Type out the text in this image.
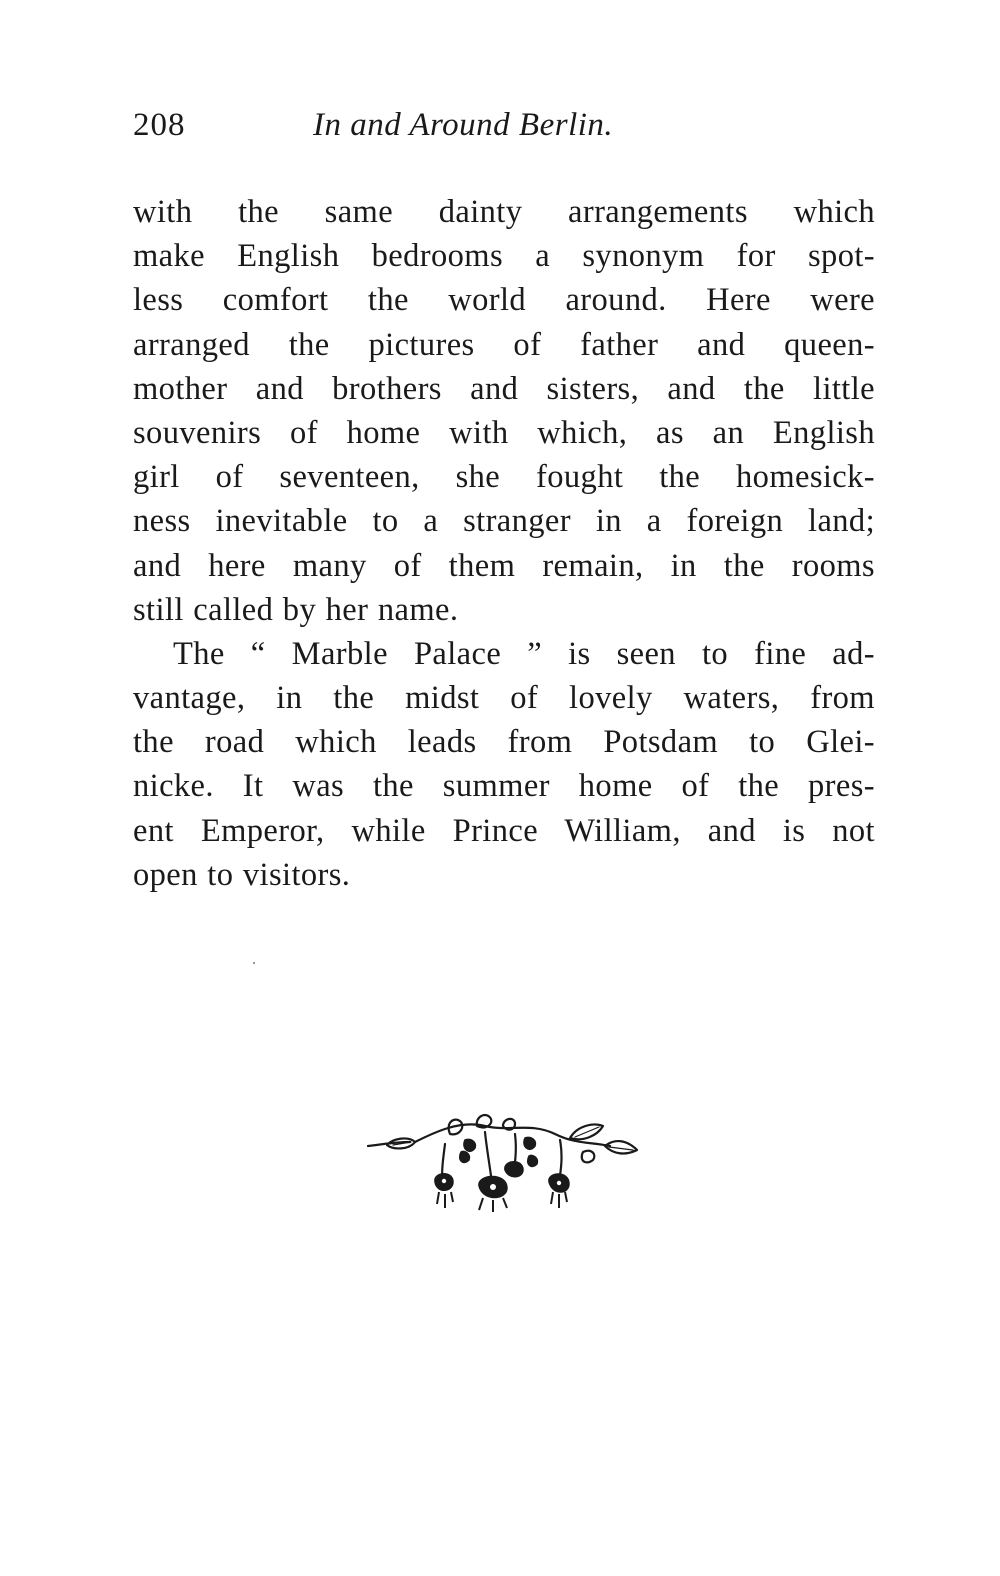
208	In and Around Berlin.
with the same dainty arrangements which
make English bedrooms a synonym for spot-
less comfort the world around. Here were
arranged the pictures of father and queen-
mother and brothers and sisters, and the little
souvenirs of home with which, as an English
girl of seventeen, she fought the homesick-
ness inevitable to a stranger in a foreign land;
and here many of them remain, in the rooms
still called by her name.
The “ Marble Palace ” is seen to fine ad-
vantage, in the midst of lovely waters, from
the road which leads from Potsdam to Glei-
nicke. It was the summer home of the pres-
ent Emperor, while Prince William, and is not
open to visitors.
